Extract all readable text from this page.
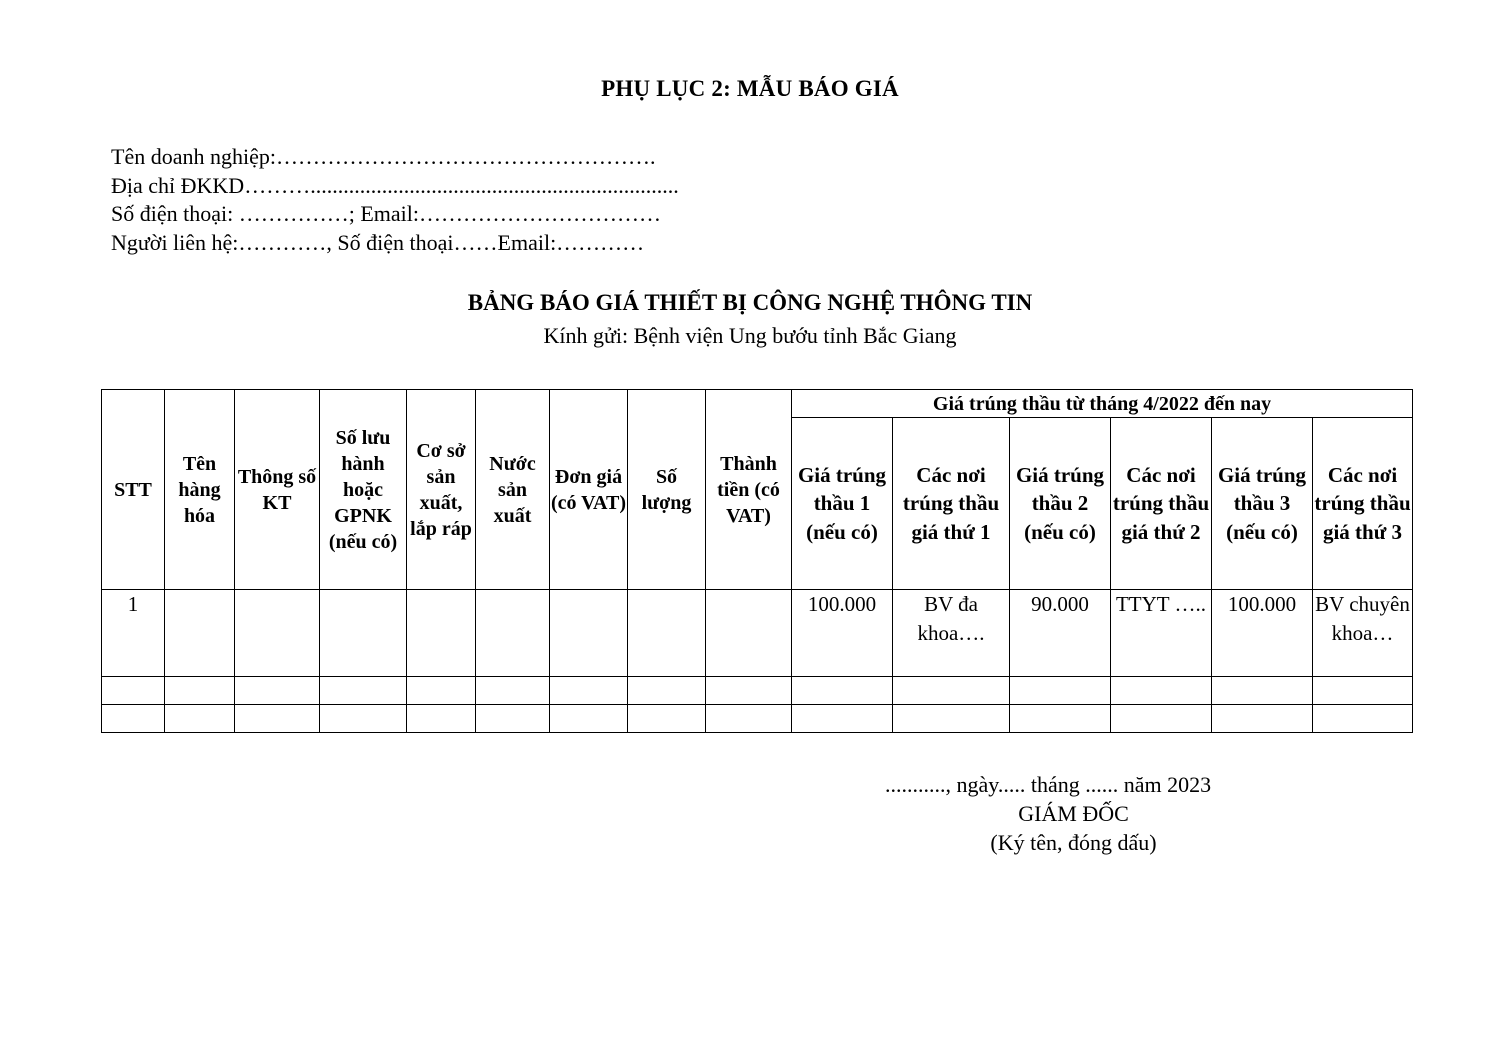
PHỤ LỤC 2: MẪU BÁO GIÁ
Tên doanh nghiệp:…………………………………………….
Địa chỉ ĐKKD………...................................................................
Số điện thoại: ……………; Email:……………………………
Người liên hệ:…………, Số điện thoại……Email:…………
BẢNG BÁO GIÁ THIẾT BỊ CÔNG NGHỆ THÔNG TIN
Kính gửi: Bệnh viện Ung bướu tỉnh Bắc Giang
STT	Tên hàng hóa	Thông số KT	Số lưu hành hoặc GPNK (nếu có)	Cơ sở sản xuất, lắp ráp	Nước sản xuất	Đơn giá (có VAT)	Số lượng	Thành tiền (có VAT)	Giá trúng thầu từ tháng 4/2022 đến nay					
									Giá trúng thầu 1 (nếu có)	Các nơi trúng thầu giá thứ 1	Giá trúng thầu 2 (nếu có)	Các nơi trúng thầu giá thứ 2	Giá trúng thầu 3 (nếu có)	Các nơi trúng thầu giá thứ 3
1									100.000	BV đa khoa….	90.000	TTYT …..	100.000	BV chuyên khoa…

..........., ngày..... tháng ...... năm 2023
GIÁM ĐỐC
(Ký tên, đóng dấu)
